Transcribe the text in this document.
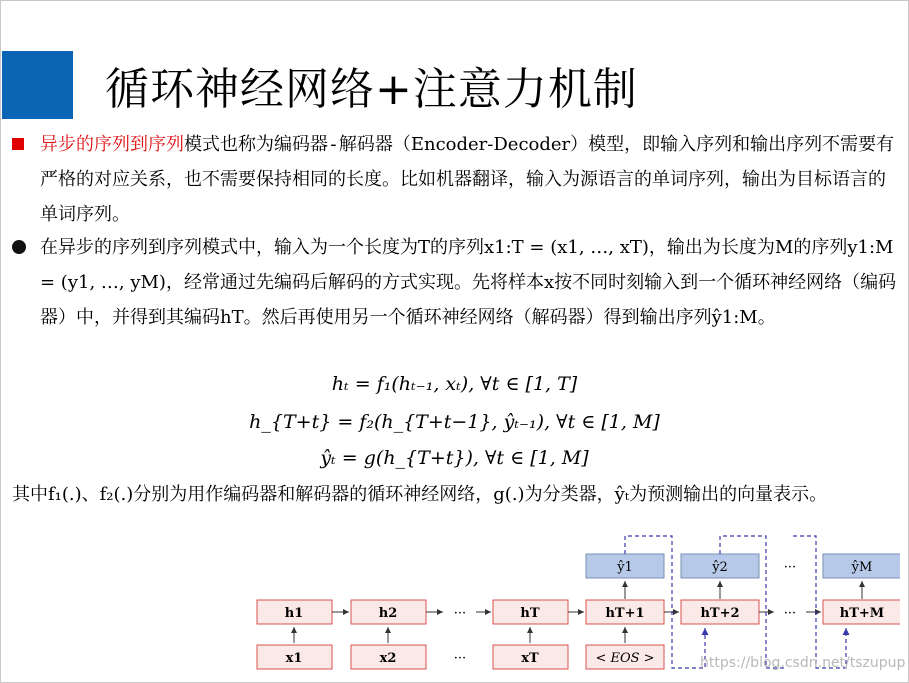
循环神经网络+注意力机制
异步的序列到序列模式也称为编码器-解码器（Encoder-Decoder）模型，即输入序列和输出序列不需要有严格的对应关系，也不需要保持相同的长度。比如机器翻译，输入为源语言的单词序列，输出为目标语言的单词序列。
在异步的序列到序列模式中，输入为一个长度为T的序列x1:T = (x1, …, xT)，输出为长度为M的序列y1:M = (y1, …, yM)，经常通过先编码后解码的方式实现。先将样本x按不同时刻输入到一个循环神经网络（编码器）中，并得到其编码hT。然后再使用另一个循环神经网络（解码器）得到输出序列ŷ1:M。
hₜ = f₁(hₜ₋₁, xₜ), ∀t ∈ [1, T]
h_{T+t} = f₂(h_{T+t−1}, ŷₜ₋₁), ∀t ∈ [1, M]
ŷₜ = g(h_{T+t}), ∀t ∈ [1, M]
其中f₁(.)、f₂(.)分别为用作编码器和解码器的循环神经网络，g(.)为分类器，ŷₜ为预测输出的向量表示。
ŷ1	ŷ2	···	ŷM
h1	h2	···	hT	hT+1	hT+2	···	hT+M
x1	x2	···	xT	< EOS >	https://blog.csdn.net/tszupup
